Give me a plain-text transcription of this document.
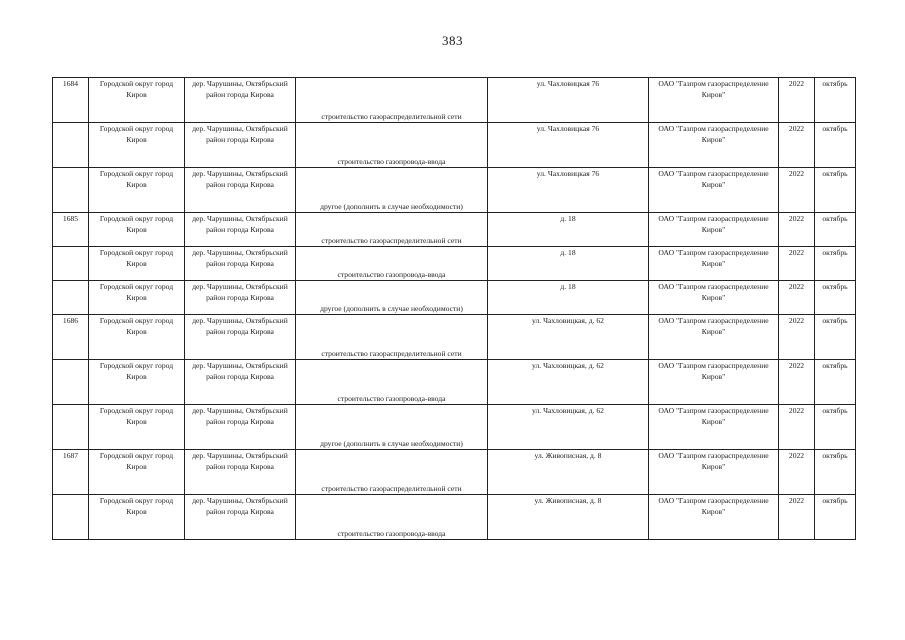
383
1684	Городской округ город Киров	дер. Чарушины, Октябрьский район города Кирова	строительство газораспределительной сети	ул. Чахловицкая 76	ОАО "Газпром газораспределение Киров"	2022	октябрь
	Городской округ город Киров	дер. Чарушины, Октябрьский район города Кирова	строительство газопровода-ввода	ул. Чахловицкая 76	ОАО "Газпром газораспределение Киров"	2022	октябрь
	Городской округ город Киров	дер. Чарушины, Октябрьский район города Кирова	другое (дополнить в случае необходимости)	ул. Чахловицкая 76	ОАО "Газпром газораспределение Киров"	2022	октябрь
1685	Городской округ город Киров	дер. Чарушины, Октябрьский район города Кирова	строительство газораспределительной сети	д. 18	ОАО "Газпром газораспределение Киров"	2022	октябрь
	Городской округ город Киров	дер. Чарушины, Октябрьский район города Кирова	строительство газопровода-ввода	д. 18	ОАО "Газпром газораспределение Киров"	2022	октябрь
	Городской округ город Киров	дер. Чарушины, Октябрьский район города Кирова	другое (дополнить в случае необходимости)	д. 18	ОАО "Газпром газораспределение Киров"	2022	октябрь
1686	Городской округ город Киров	дер. Чарушины, Октябрьский район города Кирова	строительство газораспределительной сети	ул. Чахловицкая, д. 62	ОАО "Газпром газораспределение Киров"	2022	октябрь
	Городской округ город Киров	дер. Чарушины, Октябрьский район города Кирова	строительство газопровода-ввода	ул. Чахловицкая, д. 62	ОАО "Газпром газораспределение Киров"	2022	октябрь
	Городской округ город Киров	дер. Чарушины, Октябрьский район города Кирова	другое (дополнить в случае необходимости)	ул. Чахловицкая, д. 62	ОАО "Газпром газораспределение Киров"	2022	октябрь
1687	Городской округ город Киров	дер. Чарушины, Октябрьский район города Кирова	строительство газораспределительной сети	ул. Живописная, д. 8	ОАО "Газпром газораспределение Киров"	2022	октябрь
	Городской округ город Киров	дер. Чарушины, Октябрьский район города Кирова	строительство газопровода-ввода	ул. Живописная, д. 8	ОАО "Газпром газораспределение Киров"	2022	октябрь
